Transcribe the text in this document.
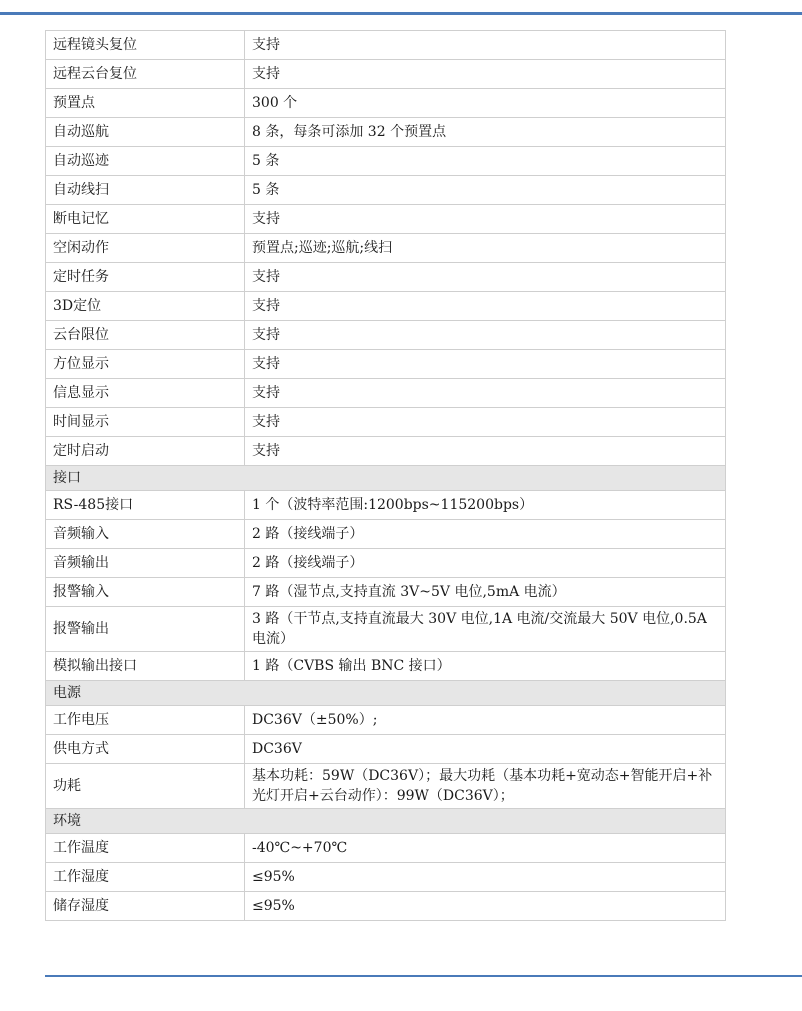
远程镜头复位	支持
远程云台复位	支持
预置点	300 个
自动巡航	8 条，每条可添加 32 个预置点
自动巡迹	5 条
自动线扫	5 条
断电记忆	支持
空闲动作	预置点;巡迹;巡航;线扫
定时任务	支持
3D定位	支持
云台限位	支持
方位显示	支持
信息显示	支持
时间显示	支持
定时启动	支持
接口	
RS-485接口	1 个（波特率范围:1200bps~115200bps）
音频输入	2 路（接线端子）
音频输出	2 路（接线端子）
报警输入	7 路（湿节点,支持直流 3V~5V 电位,5mA 电流）
报警输出	3 路（干节点,支持直流最大 30V 电位,1A 电流/交流最大 50V 电位,0.5A 电流）
模拟输出接口	1 路（CVBS 输出 BNC 接口）
电源	
工作电压	DC36V（±50%）;
供电方式	DC36V
功耗	基本功耗：59W（DC36V）；最大功耗（基本功耗+宽动态+智能开启+补光灯开启+云台动作）：99W（DC36V）；
环境	
工作温度	-40℃~+70℃
工作湿度	≤95%
储存湿度	≤95%
